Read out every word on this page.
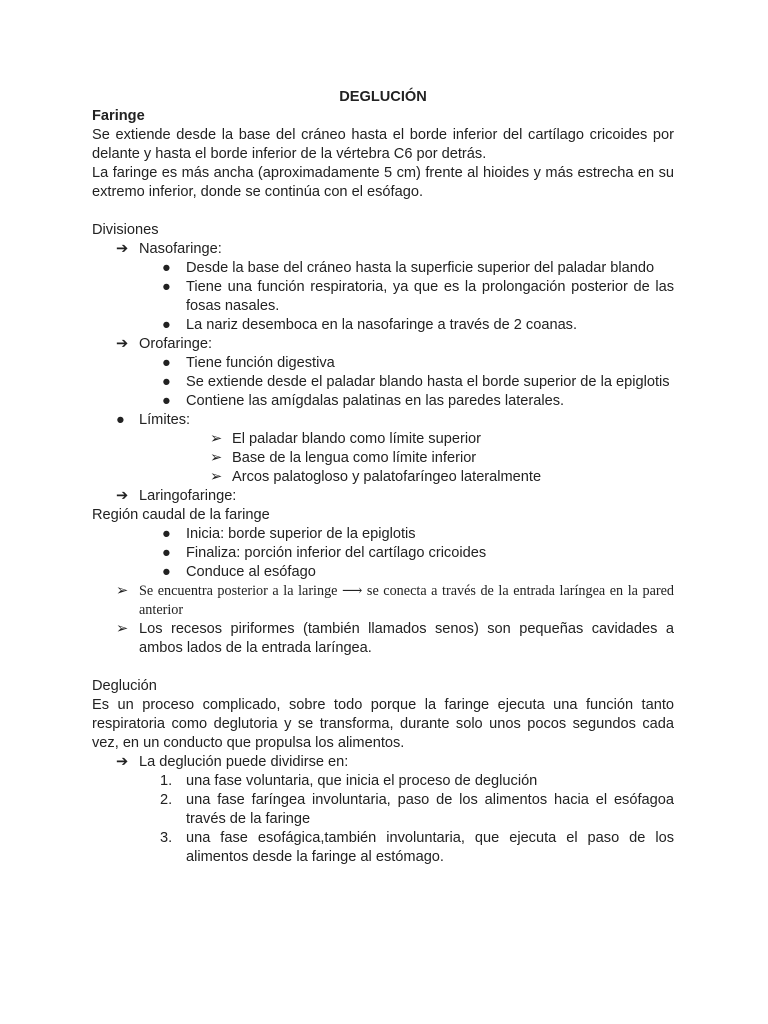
DEGLUCIÓN
Faringe
Se extiende desde la base del cráneo hasta el borde inferior del cartílago cricoides por delante y hasta el borde inferior de la vértebra C6 por detrás.
La faringe es más ancha (aproximadamente 5 cm) frente al hioides y más estrecha en su extremo inferior, donde se continúa con el esófago.
Divisiones
➔ Nasofaringe:
● Desde la base del cráneo hasta la superficie superior del paladar blando
● Tiene una función respiratoria, ya que es la prolongación posterior de las fosas nasales.
● La nariz desemboca en la nasofaringe a través de 2 coanas.
➔ Orofaringe:
● Tiene función digestiva
● Se extiende desde el paladar blando hasta el borde superior de la epiglotis
● Contiene las amígdalas palatinas en las paredes laterales.
● Límites:
➢ El paladar blando como límite superior
➢ Base de la lengua como límite inferior
➢ Arcos palatogloso y palatofaríngeo lateralmente
➔ Laringofaringe:
Región caudal de la faringe
● Inicia: borde superior de la epiglotis
● Finaliza: porción inferior del cartílago cricoides
● Conduce al esófago
➢ Se encuentra posterior a la laringe ⟶ se conecta a través de la entrada laríngea en la pared anterior
➢ Los recesos piriformes (también llamados senos) son pequeñas cavidades a ambos lados de la entrada laríngea.
Deglución
Es un proceso complicado, sobre todo porque la faringe ejecuta una función tanto respiratoria como deglutoria y se transforma, durante solo unos pocos segundos cada vez, en un conducto que propulsa los alimentos.
➔ La deglución puede dividirse en:
1. una fase voluntaria, que inicia el proceso de deglución
2. una fase faríngea involuntaria, paso de los alimentos hacia el esófagoa través de la faringe
3. una fase esofágica,también involuntaria, que ejecuta el paso de los alimentos desde la faringe al estómago.
